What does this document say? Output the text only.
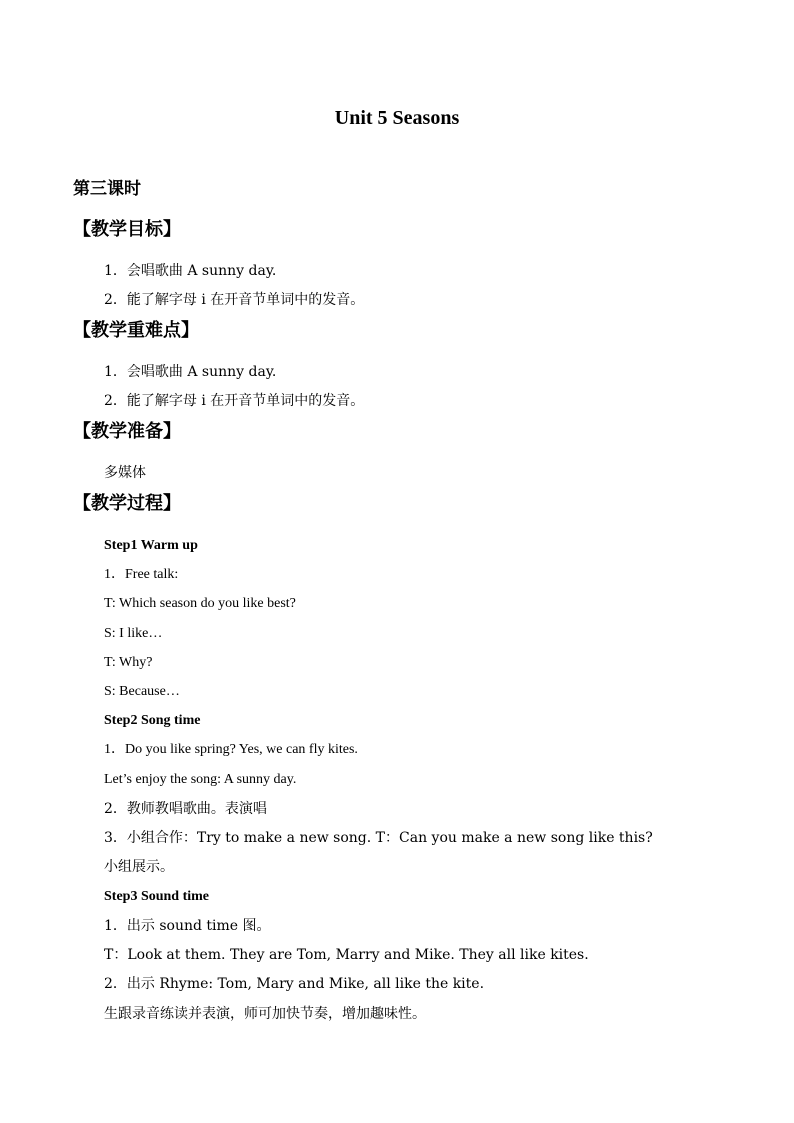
Unit 5 Seasons
第三课时
【教学目标】
1．会唱歌曲 A sunny day.
2．能了解字母 i 在开音节单词中的发音。
【教学重难点】
1．会唱歌曲 A sunny day.
2．能了解字母 i 在开音节单词中的发音。
【教学准备】
多媒体
【教学过程】
Step1 Warm up
1．Free talk:
T: Which season do you like best?
S: I like…
T: Why?
S: Because…
Step2 Song time
1．Do you like spring? Yes, we can fly kites.
Let’s enjoy the song: A sunny day.
2．教师教唱歌曲。表演唱
3．小组合作：Try to make a new song. T：Can you make a new song like this?
小组展示。
Step3 Sound time
1．出示 sound time 图。
T：Look at them. They are Tom, Marry and Mike. They all like kites.
2．出示 Rhyme: Tom, Mary and Mike, all like the kite.
生跟录音练读并表演，师可加快节奏，增加趣味性。
